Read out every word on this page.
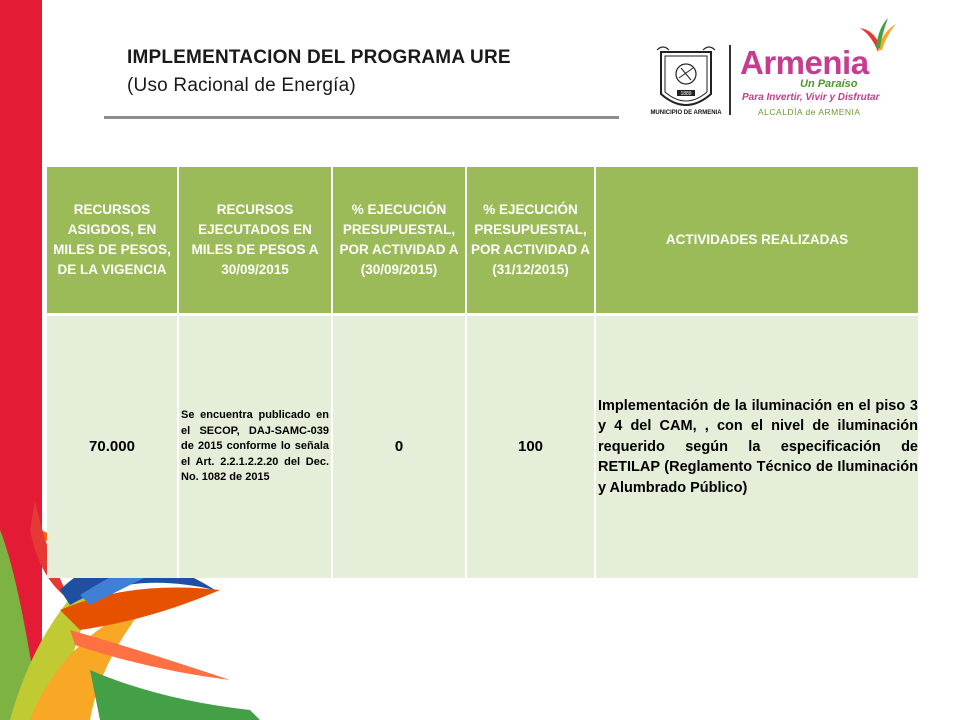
IMPLEMENTACION DEL PROGRAMA URE
(Uso Racional de Energía)	1889
MUNICIPIO DE ARMENIA
Armenia
Un Paraíso
Para Invertir, Vivir y Disfrutar
ALCALDÍA de ARMENIA
RECURSOS ASIGDOS, EN MILES DE PESOS, DE LA VIGENCIA	RECURSOS EJECUTADOS EN MILES DE PESOS A 30/09/2015	% EJECUCIÓN PRESUPUESTAL, POR ACTIVIDAD A (30/09/2015)	% EJECUCIÓN PRESUPUESTAL, POR ACTIVIDAD A (31/12/2015)	ACTIVIDADES REALIZADAS
70.000	Se encuentra publicado en el SECOP, DAJ-SAMC-039 de 2015 conforme lo señala el Art. 2.2.1.2.2.20 del Dec. No. 1082 de 2015	0	100	Implementación de la iluminación en el piso 3 y 4 del CAM, , con el nivel de iluminación requerido según la especificación de RETILAP (Reglamento Técnico de Iluminación y Alumbrado Público)
